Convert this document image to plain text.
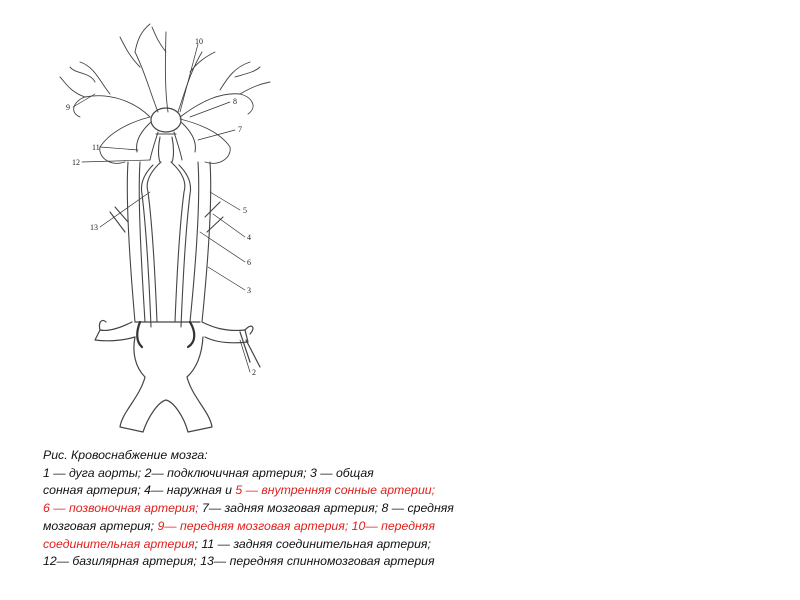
10
9
8
11
7
12
13
5
4
6
3
2
Рис. Кровоснабжение мозга:
1 — дуга аорты; 2— подключичная артерия; 3 — общая
сонная артерия; 4— наружная и 5 — внутренняя сонные артерии;
6 — позвоночная артерия; 7— задняя мозговая артерия; 8 — средняя
мозговая артерия; 9— передняя мозговая артерия; 10— передняя
соединительная артерия; 11 — задняя соединительная артерия;
12— базилярная артерия; 13— передняя спинномозговая артерия
